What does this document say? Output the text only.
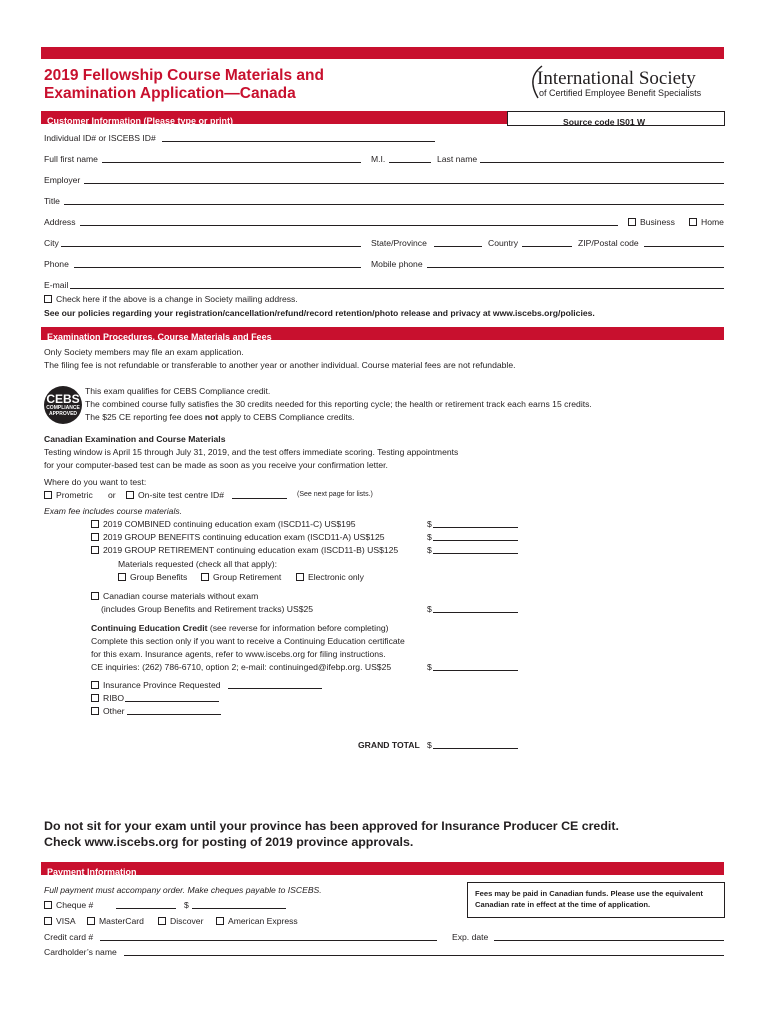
2019 Fellowship Course Materials and
Examination Application—Canada
International Society
of Certified Employee Benefit Specialists
Customer Information (Please type or print)	Source code IS01 W
Individual ID# or ISCEBS ID#
Full first name	M.I.	Last name
Employer
Title
Address	Business	Home
City	State/Province	Country	ZIP/Postal code
Phone	Mobile phone
E-mail
Check here if the above is a change in Society mailing address.
See our policies regarding your registration/cancellation/refund/record retention/photo release and privacy at www.iscebs.org/policies.
Examination Procedures, Course Materials and Fees
Only Society members may file an exam application.
The filing fee is not refundable or transferable to another year or another individual. Course material fees are not refundable.
CEBS
COMPLIANCE
APPROVED
This exam qualifies for CEBS Compliance credit.
The combined course fully satisfies the 30 credits needed for this reporting cycle; the health or retirement track each earns 15 credits.
The $25 CE reporting fee does not apply to CEBS Compliance credits.
Canadian Examination and Course Materials
Testing window is April 15 through July 31, 2019, and the test offers immediate scoring. Testing appointments
for your computer-based test can be made as soon as you receive your confirmation letter.
Where do you want to test:
Prometric or	On-site test centre ID#	(See next page for lists.)
Exam fee includes course materials.
2019 COMBINED continuing education exam (ISCD11-C) US$195	$
2019 GROUP BENEFITS continuing education exam (ISCD11-A) US$125	$
2019 GROUP RETIREMENT continuing education exam (ISCD11-B) US$125	$
Materials requested (check all that apply):
Group Benefits	Group Retirement	Electronic only
Canadian course materials without exam
(includes Group Benefits and Retirement tracks) US$25	$
Continuing Education Credit (see reverse for information before completing)
Complete this section only if you want to receive a Continuing Education certificate
for this exam. Insurance agents, refer to www.iscebs.org for filing instructions.
CE inquiries: (262) 786-6710, option 2; e-mail: continuinged@ifebp.org. US$25	$
Insurance Province Requested
RIBO
Other
GRAND TOTAL $
Do not sit for your exam until your province has been approved for Insurance Producer CE credit.
Check www.iscebs.org for posting of 2019 province approvals.
Payment Information
Full payment must accompany order. Make cheques payable to ISCEBS.	Fees may be paid in Canadian funds. Please use the equivalent
Canadian rate in effect at the time of application.
Cheque #	$
VISA	MasterCard	Discover	American Express
Credit card #	Exp. date
Cardholder’s name
